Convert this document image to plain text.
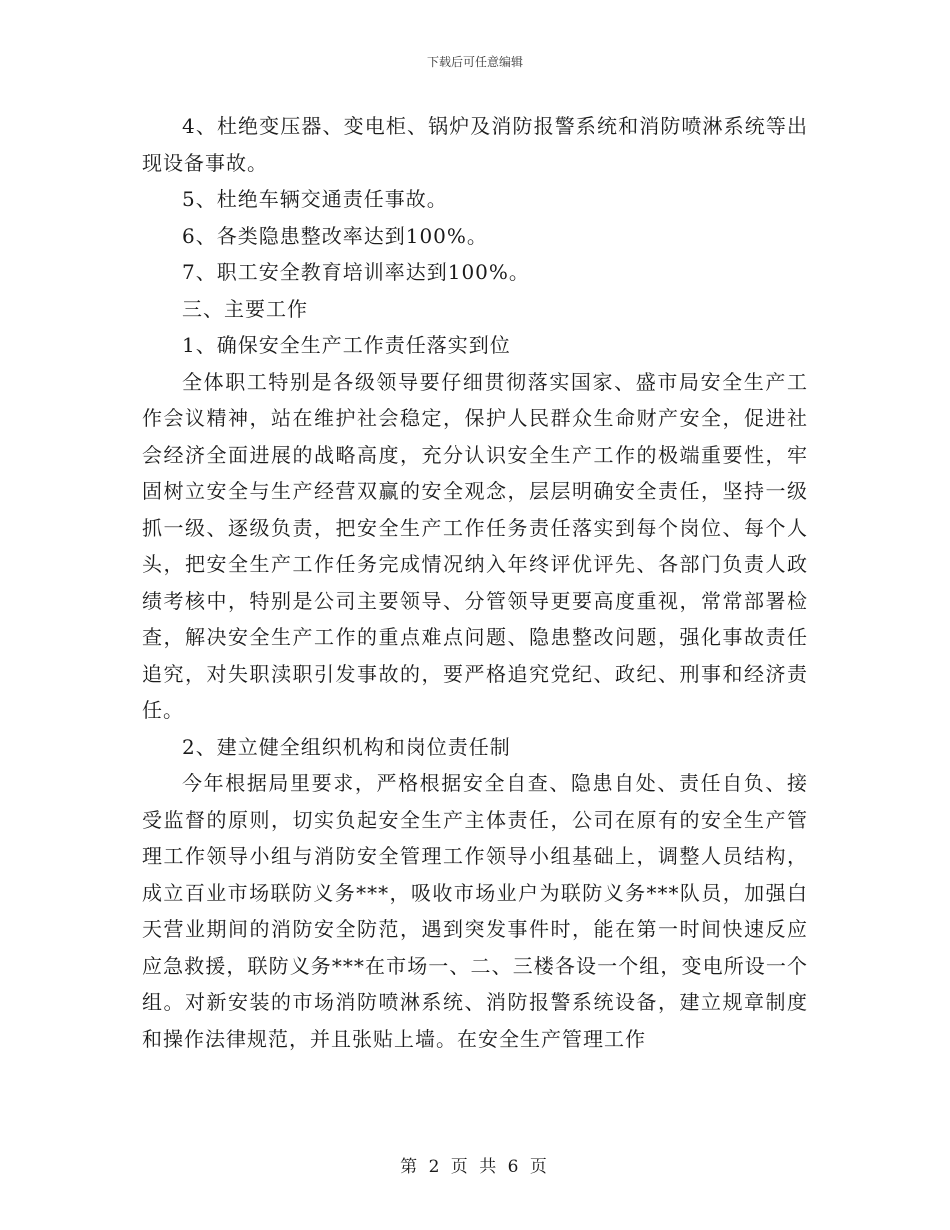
下载后可任意编辑

4、杜绝变压器、变电柜、锅炉及消防报警系统和消防喷淋系统等出现设备事故。

5、杜绝车辆交通责任事故。

6、各类隐患整改率达到100%。

7、职工安全教育培训率达到100%。

三、主要工作

1、确保安全生产工作责任落实到位

全体职工特别是各级领导要仔细贯彻落实国家、盛市局安全生产工作会议精神，站在维护社会稳定，保护人民群众生命财产安全，促进社会经济全面进展的战略高度，充分认识安全生产工作的极端重要性，牢固树立安全与生产经营双赢的安全观念，层层明确安全责任，坚持一级抓一级、逐级负责，把安全生产工作任务责任落实到每个岗位、每个人头，把安全生产工作任务完成情况纳入年终评优评先、各部门负责人政绩考核中，特别是公司主要领导、分管领导更要高度重视，常常部署检查，解决安全生产工作的重点难点问题、隐患整改问题，强化事故责任追究，对失职渎职引发事故的，要严格追究党纪、政纪、刑事和经济责任。

2、建立健全组织机构和岗位责任制

今年根据局里要求，严格根据安全自查、隐患自处、责任自负、接受监督的原则，切实负起安全生产主体责任，公司在原有的安全生产管理工作领导小组与消防安全管理工作领导小组基础上，调整人员结构，成立百业市场联防义务***，吸收市场业户为联防义务***队员，加强白天营业期间的消防安全防范，遇到突发事件时，能在第一时间快速反应应急救援，联防义务***在市场一、二、三楼各设一个组，变电所设一个组。对新安装的市场消防喷淋系统、消防报警系统设备，建立规章制度和操作法律规范，并且张贴上墙。在安全生产管理工作

第 2 页 共 6 页
